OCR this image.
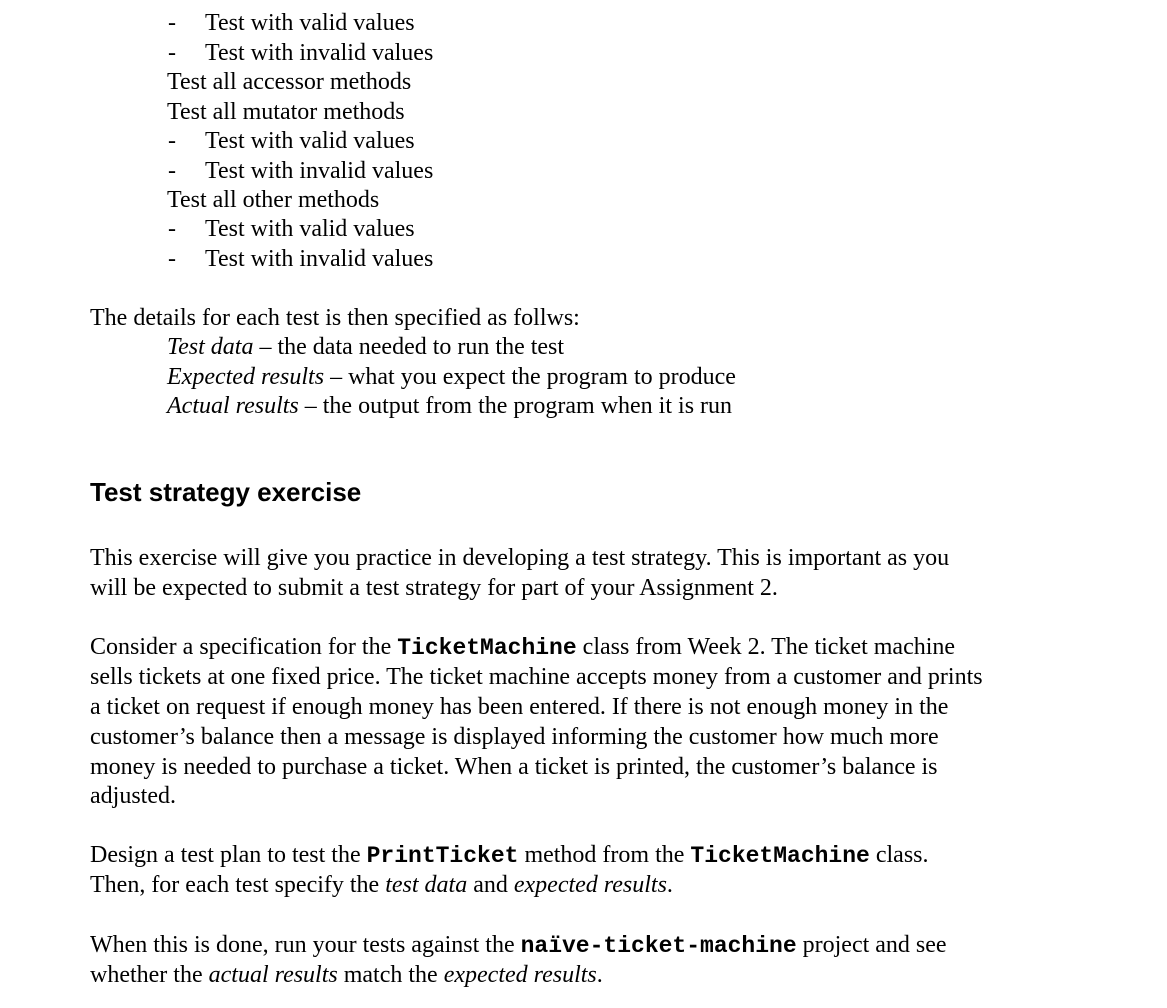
- Test with valid values
- Test with invalid values
Test all accessor methods
Test all mutator methods
- Test with valid values
- Test with invalid values
Test all other methods
- Test with valid values
- Test with invalid values
The details for each test is then specified as follws:
Test data – the data needed to run the test
Expected results – what you expect the program to produce
Actual results – the output from the program when it is run
Test strategy exercise
This exercise will give you practice in developing a test strategy. This is important as you
will be expected to submit a test strategy for part of your Assignment 2.
Consider a specification for the TicketMachine class from Week 2. The ticket machine
sells tickets at one fixed price. The ticket machine accepts money from a customer and prints
a ticket on request if enough money has been entered. If there is not enough money in the
customer’s balance then a message is displayed informing the customer how much more
money is needed to purchase a ticket. When a ticket is printed, the customer’s balance is
adjusted.
Design a test plan to test the PrintTicket method from the TicketMachine class.
Then, for each test specify the test data and expected results.
When this is done, run your tests against the naïve-ticket-machine project and see
whether the actual results match the expected results.
